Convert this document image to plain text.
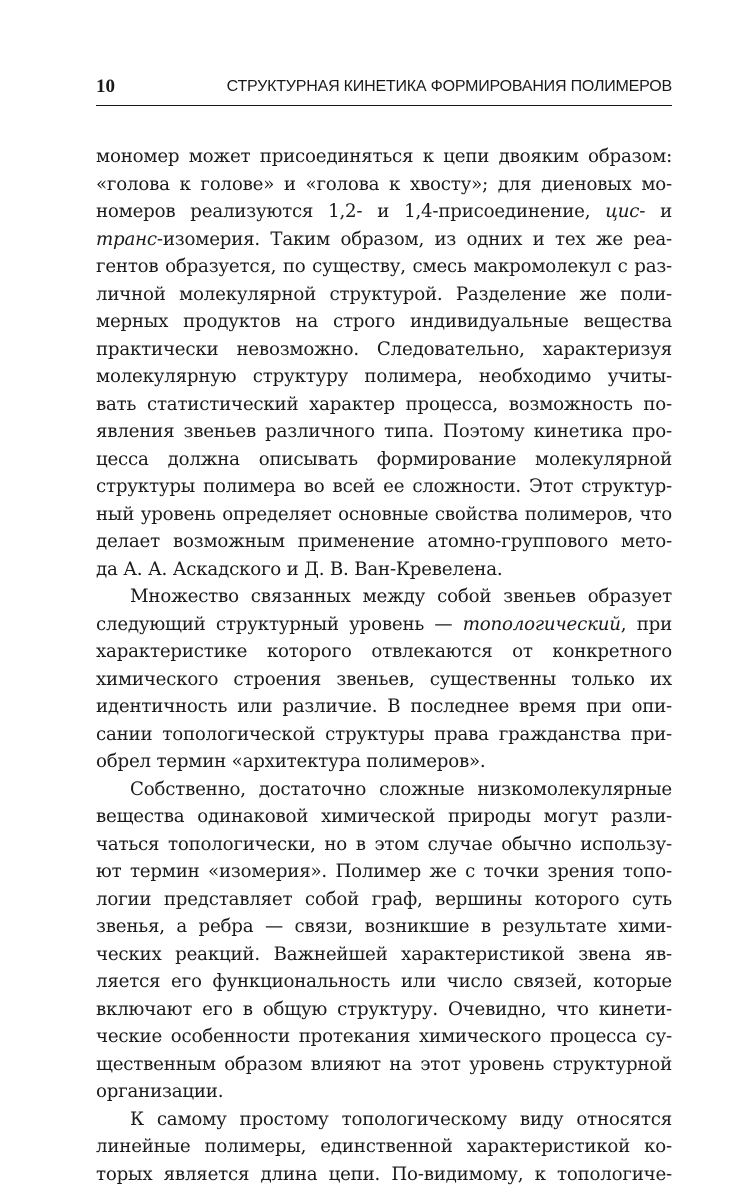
10	СТРУКТУРНАЯ КИНЕТИКА ФОРМИРОВАНИЯ ПОЛИМЕРОВ
мономер может присоединяться к цепи двояким образом:
«голова к голове» и «голова к хвосту»; для диеновых мо-
номеров реализуются 1,2- и 1,4-присоединение, цис- и
транс-изомерия. Таким образом, из одних и тех же реа-
гентов образуется, по существу, смесь макромолекул с раз-
личной молекулярной структурой. Разделение же поли-
мерных продуктов на строго индивидуальные вещества
практически невозможно. Следовательно, характеризуя
молекулярную структуру полимера, необходимо учиты-
вать статистический характер процесса, возможность по-
явления звеньев различного типа. Поэтому кинетика про-
цесса должна описывать формирование молекулярной
структуры полимера во всей ее сложности. Этот структур-
ный уровень определяет основные свойства полимеров, что
делает возможным применение атомно-группового мето-
да А. А. Аскадского и Д. В. Ван-Кревелена.
Множество связанных между собой звеньев образует
следующий структурный уровень — топологический, при
характеристике которого отвлекаются от конкретного
химического строения звеньев, существенны только их
идентичность или различие. В последнее время при опи-
сании топологической структуры права гражданства при-
обрел термин «архитектура полимеров».
Собственно, достаточно сложные низкомолекулярные
вещества одинаковой химической природы могут разли-
чаться топологически, но в этом случае обычно использу-
ют термин «изомерия». Полимер же с точки зрения топо-
логии представляет собой граф, вершины которого суть
звенья, а ребра — связи, возникшие в результате хими-
ческих реакций. Важнейшей характеристикой звена яв-
ляется его функциональность или число связей, которые
включают его в общую структуру. Очевидно, что кинети-
ческие особенности протекания химического процесса су-
щественным образом влияют на этот уровень структурной
организации.
К самому простому топологическому виду относятся
линейные полимеры, единственной характеристикой ко-
торых является длина цепи. По-видимому, к топологиче-
